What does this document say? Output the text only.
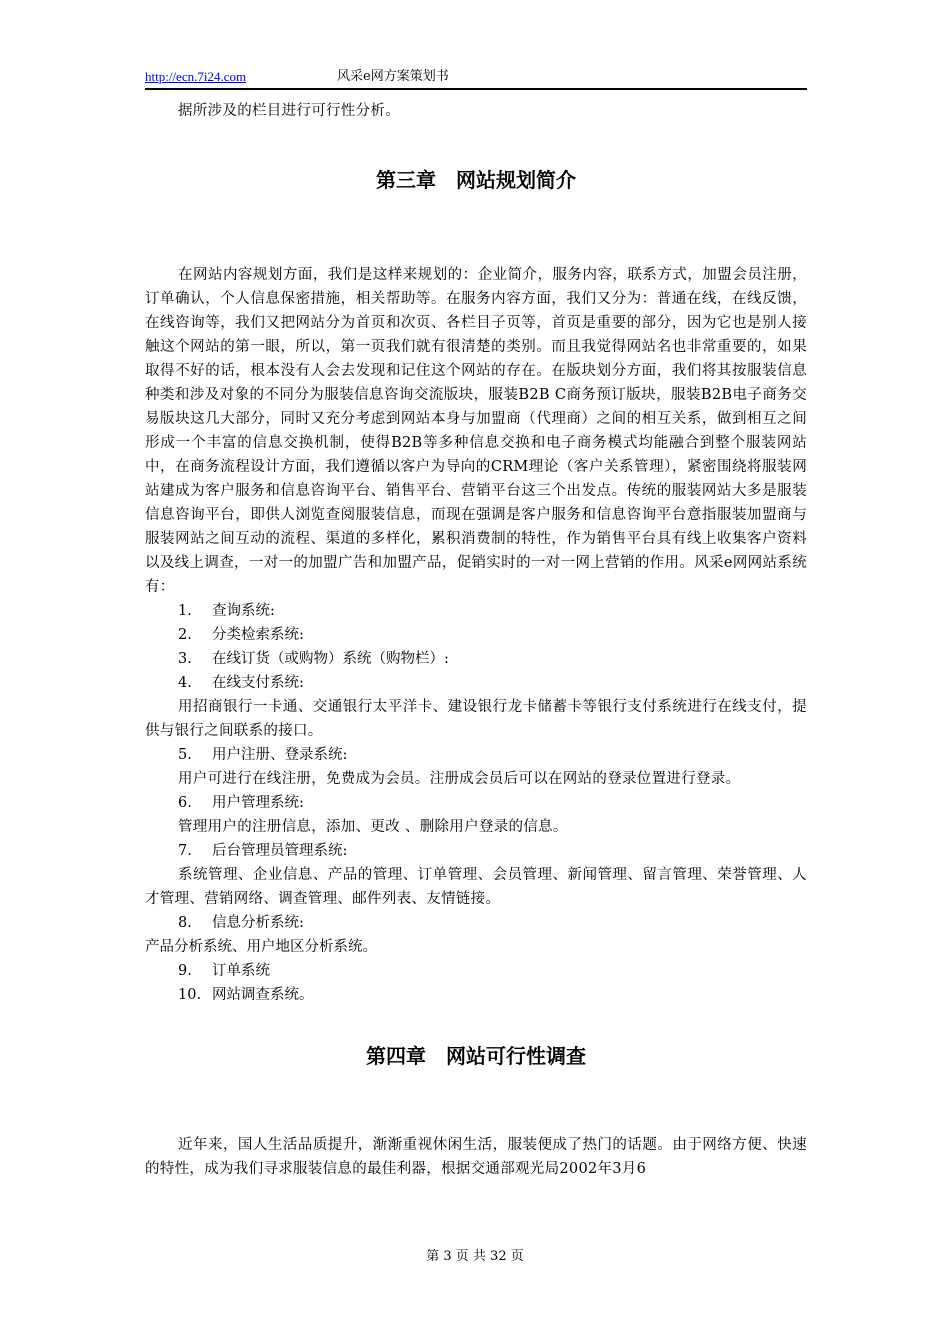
http://ecn.7i24.com	风采e网方案策划书

据所涉及的栏目进行可行性分析。

第三章　网站规划简介

在网站内容规划方面，我们是这样来规划的：企业简介，服务内容，联系方式，加盟会员注册，订单确认，个人信息保密措施，相关帮助等。在服务内容方面，我们又分为：普通在线，在线反馈，在线咨询等，我们又把网站分为首页和次页、各栏目子页等，首页是重要的部分，因为它也是别人接触这个网站的第一眼，所以，第一页我们就有很清楚的类别。而且我觉得网站名也非常重要的，如果取得不好的话，根本没有人会去发现和记住这个网站的存在。在版块划分方面，我们将其按服装信息种类和涉及对象的不同分为服装信息咨询交流版块，服装B2B C商务预订版块，服装B2B电子商务交易版块这几大部分，同时又充分考虑到网站本身与加盟商（代理商）之间的相互关系，做到相互之间形成一个丰富的信息交换机制，使得B2B等多种信息交换和电子商务模式均能融合到整个服装网站中，在商务流程设计方面，我们遵循以客户为导向的CRM理论（客户关系管理），紧密围绕将服装网站建成为客户服务和信息咨询平台、销售平台、营销平台这三个出发点。传统的服装网站大多是服装信息咨询平台，即供人浏览查阅服装信息，而现在强调是客户服务和信息咨询平台意指服装加盟商与服装网站之间互动的流程、渠道的多样化，累积消费制的特性，作为销售平台具有线上收集客户资料以及线上调查，一对一的加盟广告和加盟产品，促销实时的一对一网上营销的作用。风采e网网站系统有：

1. 查询系统:

2. 分类检索系统:

3. 在线订货（或购物）系统（购物栏）:

4. 在线支付系统:

用招商银行一卡通、交通银行太平洋卡、建设银行龙卡储蓄卡等银行支付系统进行在线支付，提供与银行之间联系的接口。

5. 用户注册、登录系统:

用户可进行在线注册，免费成为会员。注册成会员后可以在网站的登录位置进行登录。

6. 用户管理系统:

管理用户的注册信息，添加、更改 、删除用户登录的信息。

7. 后台管理员管理系统:

系统管理、企业信息、产品的管理、订单管理、会员管理、新闻管理、留言管理、荣誉管理、人才管理、营销网络、调查管理、邮件列表、友情链接。

8. 信息分析系统:

产品分析系统、用户地区分析系统。

9. 订单系统

10. 网站调查系统。

第四章　网站可行性调查

近年来，国人生活品质提升，渐渐重视休闲生活，服装便成了热门的话题。由于网络方便、快速的特性，成为我们寻求服装信息的最佳利器，根据交通部观光局2002年3月6

第 3 页 共 32 页
